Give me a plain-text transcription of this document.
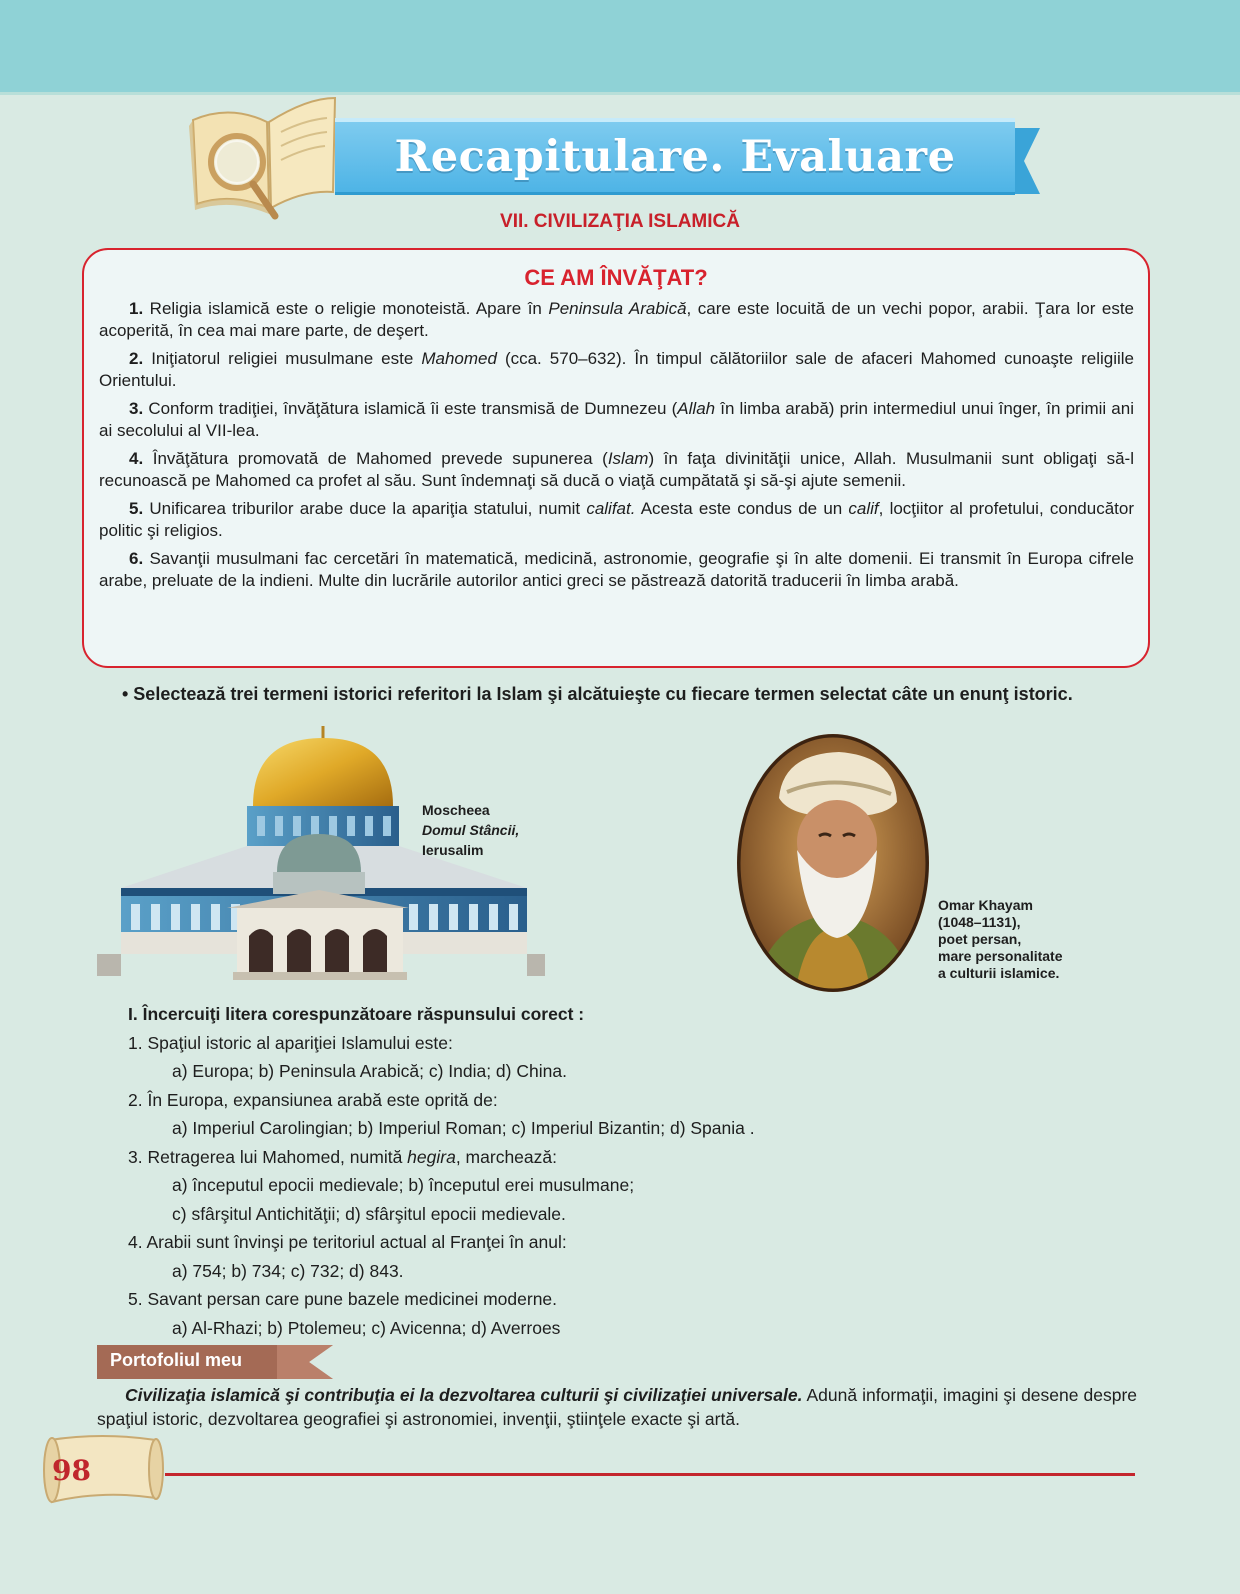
Recapitulare. Evaluare
VII. CIVILIZAŢIA ISLAMICĂ
CE AM ÎNVĂŢAT?

1. Religia islamică este o religie monoteistă. Apare în Peninsula Arabică, care este locuită de un vechi popor, arabii. Ţara lor este acoperită, în cea mai mare parte, de deşert.

2. Iniţiatorul religiei musulmane este Mahomed (cca. 570–632). În timpul călătoriilor sale de afaceri Mahomed cunoaşte religiile Orientului.

3. Conform tradiţiei, învăţătura islamică îi este transmisă de Dumnezeu (Allah în limba arabă) prin intermediul unui înger, în primii ani ai secolului al VII-lea.

4. Învăţătura promovată de Mahomed prevede supunerea (Islam) în faţa divinităţii unice, Allah. Musulmanii sunt obligaţi să-l recunoască pe Mahomed ca profet al său. Sunt îndemnaţi să ducă o viaţă cumpătată şi să-şi ajute semenii.

5. Unificarea triburilor arabe duce la apariţia statului, numit califat. Acesta este condus de un calif, locţiitor al profetului, conducător politic şi religios.

6. Savanţii musulmani fac cercetări în matematică, medicină, astronomie, geografie şi în alte domenii. Ei transmit în Europa cifrele arabe, preluate de la indieni. Multe din lucrările autorilor antici greci se păstrează datorită traducerii în limba arabă.

• Selectează trei termeni istorici referitori la Islam şi alcătuieşte cu fiecare termen selectat câte un enunţ istoric.
Moscheea
Domul Stâncii,
Ierusalim
Omar Khayam
(1048–1131),
poet persan,
mare personalitate
a culturii islamice.
I. Încercuiţi litera corespunzătoare răspunsului corect :
1. Spaţiul istoric al apariţiei Islamului este:
a) Europa; b) Peninsula Arabică; c) India; d) China.
2. În Europa, expansiunea arabă este oprită de:
a) Imperiul Carolingian; b) Imperiul Roman; c) Imperiul Bizantin; d) Spania .
3. Retragerea lui Mahomed, numită hegira, marchează:
a) începutul epocii medievale; b) începutul erei musulmane;
c) sfârşitul Antichităţii; d) sfârşitul epocii medievale.
4. Arabii sunt învinşi pe teritoriul actual al Franţei în anul:
a) 754; b) 734; c) 732; d) 843.
5. Savant persan care pune bazele medicinei moderne.
a) Al-Rhazi; b) Ptolemeu; c) Avicenna; d) Averroes
Portofoliul meu
Civilizaţia islamică şi contribuţia ei la dezvoltarea culturii şi civilizaţiei universale. Adună informaţii, imagini şi desene despre spaţiul istoric, dezvoltarea geografiei şi astronomiei, invenţii, ştiinţele exacte şi artă.
98
